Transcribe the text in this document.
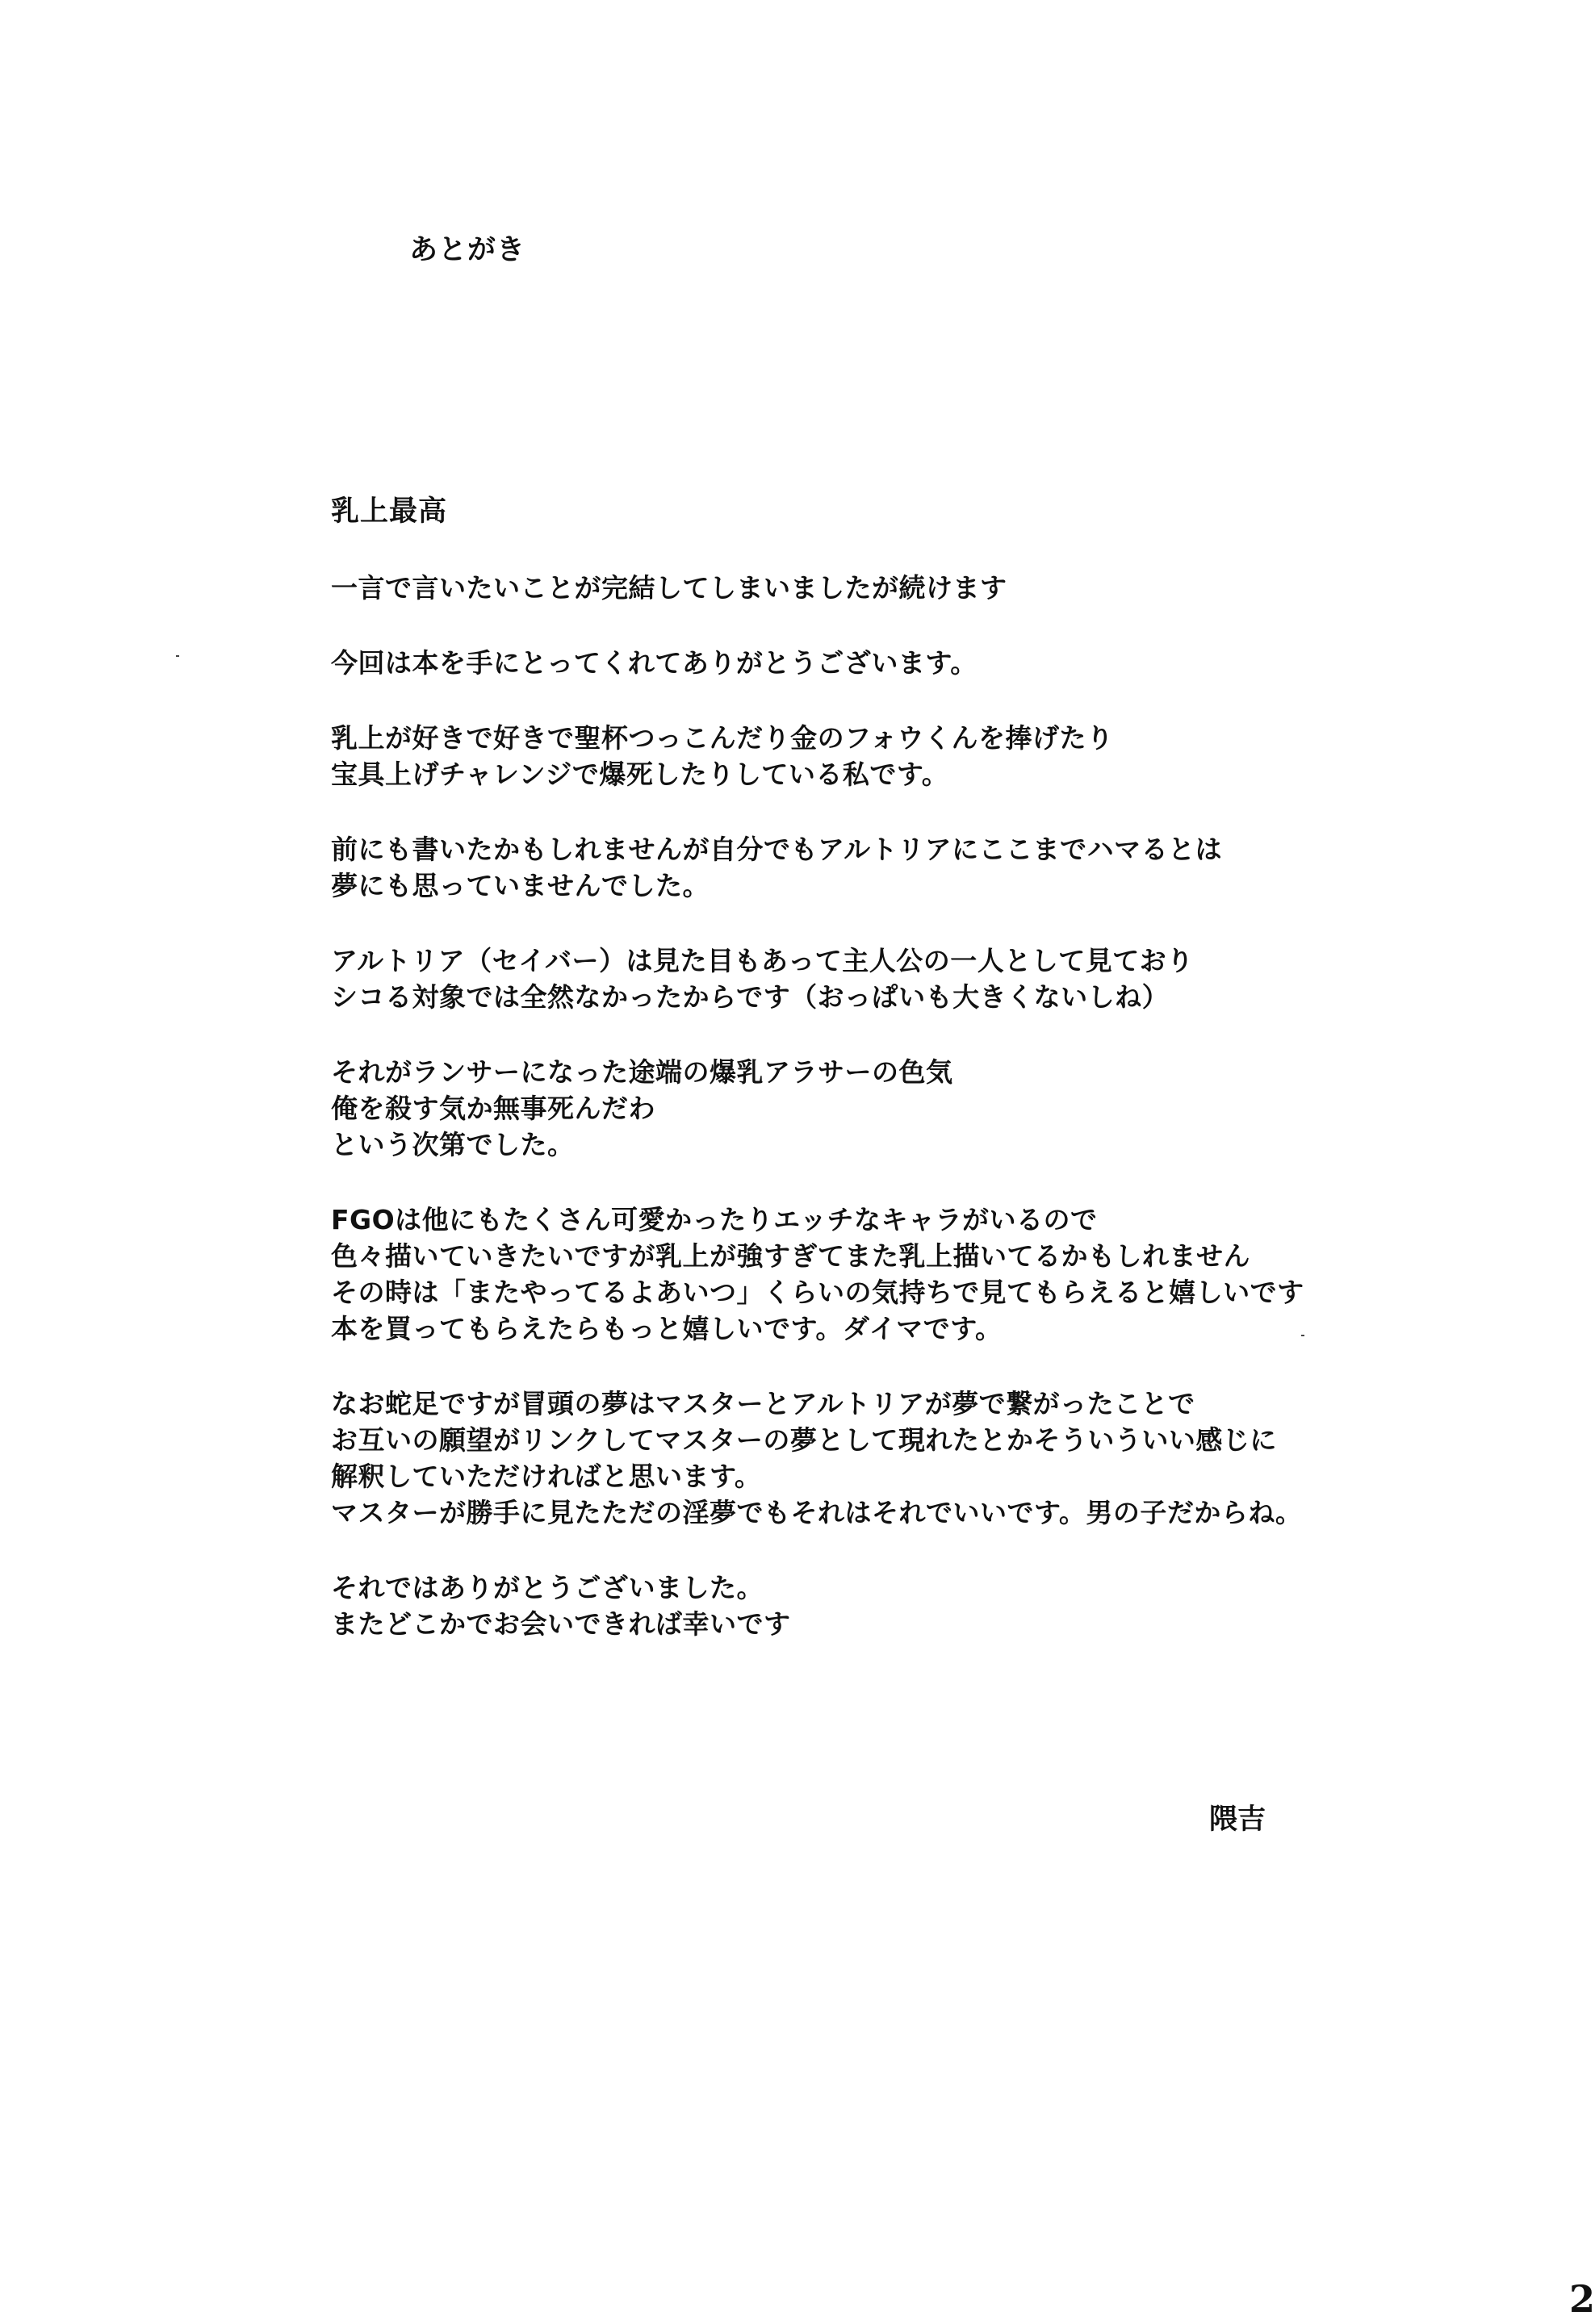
あとがき
乳上最高
一言で言いたいことが完結してしまいましたが続けます
今回は本を手にとってくれてありがとうございます。
乳上が好きで好きで聖杯つっこんだり金のフォウくんを捧げたり
宝具上げチャレンジで爆死したりしている私です。
前にも書いたかもしれませんが自分でもアルトリアにここまでハマるとは
夢にも思っていませんでした。
アルトリア（セイバー）は見た目もあって主人公の一人として見ており
シコる対象では全然なかったからです（おっぱいも大きくないしね）
それがランサーになった途端の爆乳アラサーの色気
俺を殺す気か無事死んだわ
という次第でした。
FGOは他にもたくさん可愛かったりエッチなキャラがいるので
色々描いていきたいですが乳上が強すぎてまた乳上描いてるかもしれません
その時は「またやってるよあいつ」くらいの気持ちで見てもらえると嬉しいです
本を買ってもらえたらもっと嬉しいです。ダイマです。
なお蛇足ですが冒頭の夢はマスターとアルトリアが夢で繋がったことで
お互いの願望がリンクしてマスターの夢として現れたとかそういういい感じに
解釈していただければと思います。
マスターが勝手に見たただの淫夢でもそれはそれでいいです。男の子だからね。
それではありがとうございました。
またどこかでお会いできれば幸いです
隈吉
2
